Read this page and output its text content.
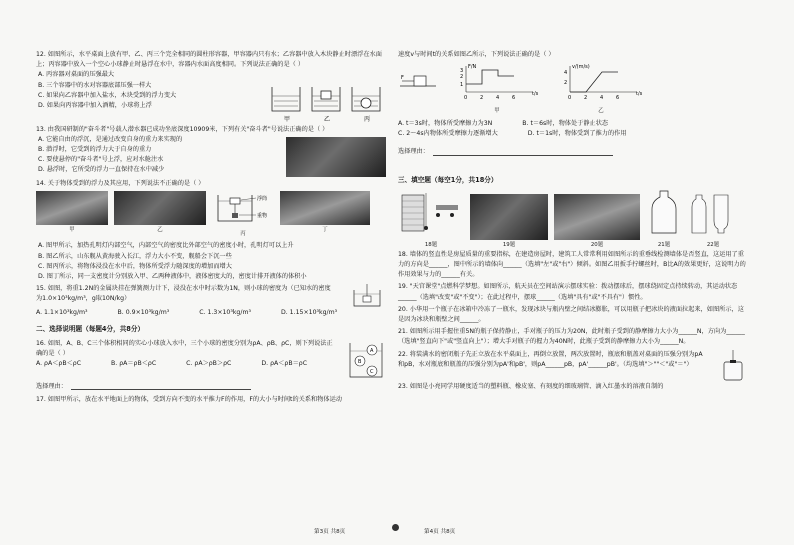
12. 如图所示，水平桌面上放有甲、乙、丙三个完全相同的圆柱形容器，甲容器内只有水；乙容器中放入木块静止时漂浮在水面上；丙容器中放入一个空心小球静止时悬浮在水中，容器内水面高度相同。下列说法正确的是（ ）
A. 丙容器对桌面的压强最大
B. 三个容器中的水对容器底部压强一样大
C. 如果向乙容器中加入盐水，木块受到的浮力变大
D. 如果向丙容器中加入酒精，小球将上浮
甲	乙	丙
13. 由我国研制的"奋斗者"号载人潜水器已成功坐底深度10909米，下列有关"奋斗者"号说法正确的是（ ）
A. 它能自由的浮沉，是通过改变自身的重力来实现的
B. 潜浮时，它受到的浮力大于自身的重力
C. 要使悬停的"奋斗者"号上浮，应对水舱注水
D. 悬浮时，它所受的浮力一直保持在水中减少
14. 关于物体受到的浮力及其应用，下列说法不正确的是（ ）
甲	乙
浮筒
重物
丙
丁
A. 图甲所示，加热孔明灯内部空气，内部空气的密度比外部空气的密度小时，孔明灯可以上升
B. 图乙所示，山东舰从黄海驶入长江，浮力大小不变，舰船会下沉一些
C. 图丙所示，将物体浸没在水中后，物体所受浮力随深度的增加而增大
D. 图丁所示，同一支密度计分别放入甲、乙两种液体中，液体密度大的，密度计排开液体的体积小
15. 如图，将重1.2N的金属块挂在弹簧测力计下，浸没在水中时示数为1N，则小球的密度为（已知水的密度为1.0×10³kg/m³，g取10N/kg）
A. 1.1×10³kg/m³	B. 0.9×10³kg/m³	C. 1.3×10³kg/m³	D. 1.15×10³kg/m³
二、选择说明题（每题4分，共8分）
16. 如图，A、B、C三个体积相同的实心小球放入水中，三个小球的密度分别为ρA、ρB、ρC，则下列说法正确的是（ ）
A. ρA＜ρB＜ρC	B. ρA＝ρB＜ρC	C. ρA＞ρB＞ρC	D. ρA＜ρB＝ρC
A
B
C
选择理由：
17. 如图甲所示，放在水平地面上的物体，受到方向不变的水平推力F的作用，F的大小与时间t的关系和物体运动
速度v与时间t的关系如图乙所示，下列说法正确的是（ ）
F
F/N
t/s
3
2
1
0	2	4	6
甲
v/(m/s)
t/s
4
2
0	2	4	6
乙
A. t＝3s时，物体所受摩擦力为3N	B. t＝6s时，物体处于静止状态
C. 2～4s内物体所受摩擦力逐渐增大	D. t＝1s时，物体受到了推力的作用
选择理由：
三、填空题（每空1分，共18分）
18题	19题	20题	21题	22题
18. 墙体的竖直性是房屋质量的重要指标，在建造房屋时，建筑工人常常利用如图所示的重垂线检测墙体是否竖直，这运用了重力的方向是______，图中所示的墙体向______（选填"左"或"右"）倾斜。如图乙用扳手拧螺丝时，B比A的效果更好，这说明力的作用效果与力的______有关。
19. "天宫课堂"点燃科学梦想。如图所示，航天员在空间站演示摆球实验：拨动摆球后，摆球绕固定点持续转动，其运动状态______（选填"改变"或"不变"）；在此过程中，摆球______（选填"具有"或"不具有"）惯性。
20. 小华用一个瓶子在冰箱中冷冻了一瓶水，发现冰块与瓶内壁之间结冰膨胀，可以用瓶子把冰块的液面拉起来，如图所示，这是因为冰块和瓶壁之间______。
21. 如图所示用手握住重5N的瓶子保持静止，手对瓶子的压力为20N，此时瓶子受到的静摩擦力大小为______N，方向为______（选填"竖直向下"或"竖直向上"）；增大手对瓶子的握力为40N时，此瓶子受到的静摩擦力大小为______N。
22. 将装满水的密闭瓶子先正立放在水平桌面上，再倒立放置，两次放置时，瓶底和瓶盖对桌面的压强分别为pA和pB，水对瓶底和瓶盖的压强分别为pA'和pB'，则pA______pB，pA'______pB'。（均选填"＞""＜"或"＝"）
23. 如图是小亮同学用硬度适当的塑料瓶、橡皮塞、有刻度的细玻璃管、滴入红墨水的溶液自制的
第3页 共8页	第4页 共8页
